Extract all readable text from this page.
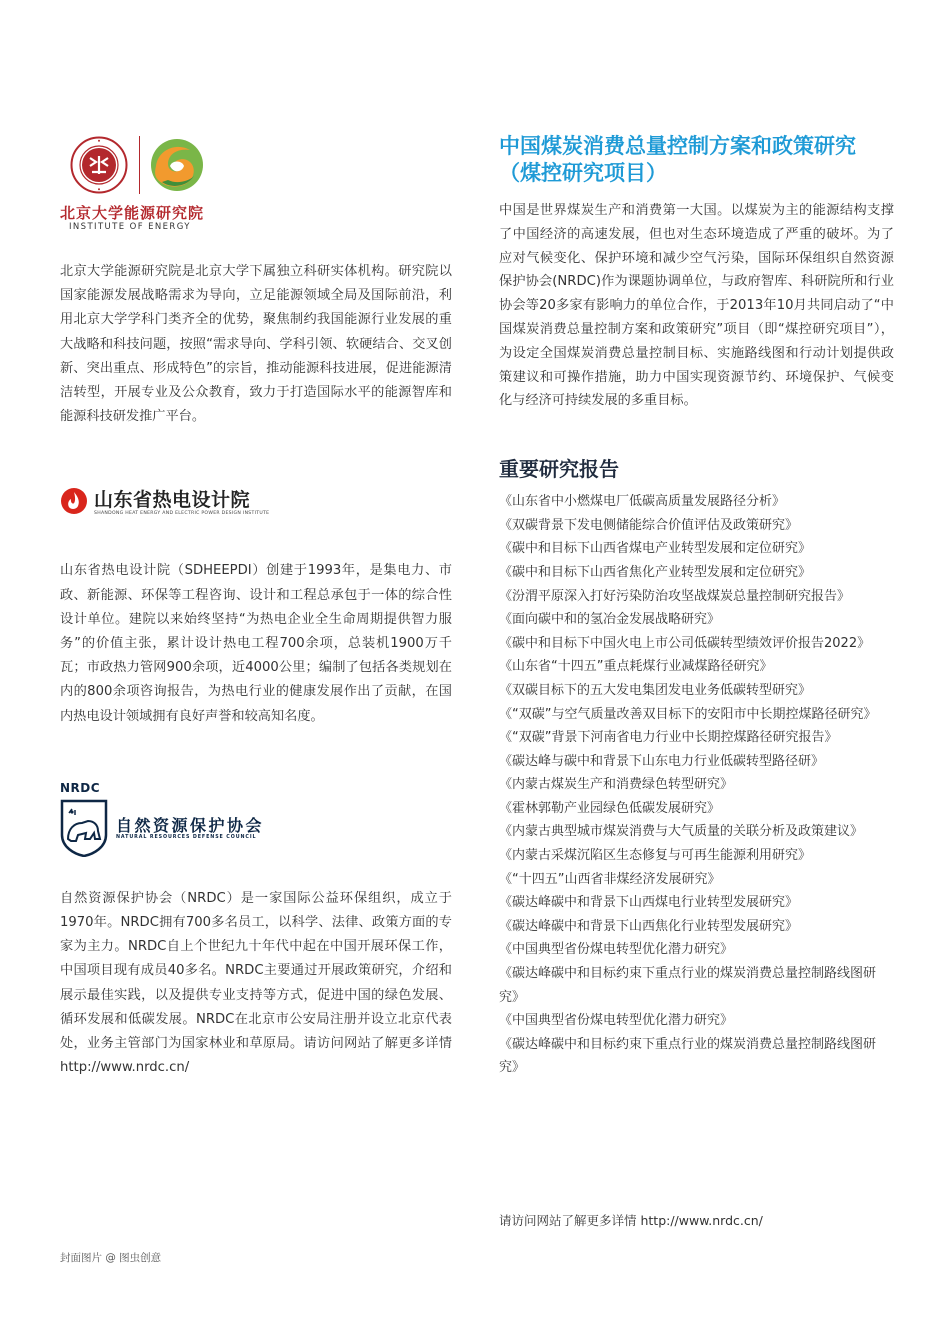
北京大学能源研究院
INSTITUTE OF ENERGY

北京大学能源研究院是北京大学下属独立科研实体机构。研究院以国家能源发展战略需求为导向，立足能源领域全局及国际前沿，利用北京大学学科门类齐全的优势，聚焦制约我国能源行业发展的重大战略和科技问题，按照“需求导向、学科引领、软硬结合、交叉创新、突出重点、形成特色”的宗旨，推动能源科技进展，促进能源清洁转型，开展专业及公众教育，致力于打造国际水平的能源智库和能源科技研发推广平台。

山东省热电设计院
SHANDONG HEAT ENERGY AND ELECTRIC POWER DESIGN INSTITUTE

山东省热电设计院（SDHEEPDI）创建于1993年，是集电力、市政、新能源、环保等工程咨询、设计和工程总承包于一体的综合性设计单位。建院以来始终坚持“为热电企业全生命周期提供智力服务”的价值主张，累计设计热电工程700余项，总装机1900万千瓦；市政热力管网900余项，近4000公里；编制了包括各类规划在内的800余项咨询报告，为热电行业的健康发展作出了贡献，在国内热电设计领域拥有良好声誉和较高知名度。

NRDC
自然资源保护协会
NATURAL RESOURCES DEFENSE COUNCIL

自然资源保护协会（NRDC）是一家国际公益环保组织，成立于1970年。NRDC拥有700多名员工，以科学、法律、政策方面的专家为主力。NRDC自上个世纪九十年代中起在中国开展环保工作，中国项目现有成员40多名。NRDC主要通过开展政策研究，介绍和展示最佳实践，以及提供专业支持等方式，促进中国的绿色发展、循环发展和低碳发展。NRDC在北京市公安局注册并设立北京代表处，业务主管部门为国家林业和草原局。请访问网站了解更多详情 http://www.nrdc.cn/

中国煤炭消费总量控制方案和政策研究
（煤控研究项目）

中国是世界煤炭生产和消费第一大国。以煤炭为主的能源结构支撑了中国经济的高速发展，但也对生态环境造成了严重的破坏。为了应对气候变化、保护环境和减少空气污染，国际环保组织自然资源保护协会(NRDC)作为课题协调单位，与政府智库、科研院所和行业协会等20多家有影响力的单位合作，于2013年10月共同启动了“中国煤炭消费总量控制方案和政策研究”项目（即“煤控研究项目”），为设定全国煤炭消费总量控制目标、实施路线图和行动计划提供政策建议和可操作措施，助力中国实现资源节约、环境保护、气候变化与经济可持续发展的多重目标。

重要研究报告
《山东省中小燃煤电厂低碳高质量发展路径分析》
《双碳背景下发电侧储能综合价值评估及政策研究》
《碳中和目标下山西省煤电产业转型发展和定位研究》
《碳中和目标下山西省焦化产业转型发展和定位研究》
《汾渭平原深入打好污染防治攻坚战煤炭总量控制研究报告》
《面向碳中和的氢冶金发展战略研究》
《碳中和目标下中国火电上市公司低碳转型绩效评价报告2022》
《山东省“十四五”重点耗煤行业减煤路径研究》
《双碳目标下的五大发电集团发电业务低碳转型研究》
《“双碳”与空气质量改善双目标下的安阳市中长期控煤路径研究》
《“双碳”背景下河南省电力行业中长期控煤路径研究报告》
《碳达峰与碳中和背景下山东电力行业低碳转型路径研》
《内蒙古煤炭生产和消费绿色转型研究》
《霍林郭勒产业园绿色低碳发展研究》
《内蒙古典型城市煤炭消费与大气质量的关联分析及政策建议》
《内蒙古采煤沉陷区生态修复与可再生能源利用研究》
《“十四五”山西省非煤经济发展研究》
《碳达峰碳中和背景下山西煤电行业转型发展研究》
《碳达峰碳中和背景下山西焦化行业转型发展研究》
《中国典型省份煤电转型优化潜力研究》
《碳达峰碳中和目标约束下重点行业的煤炭消费总量控制路线图研究》
《中国典型省份煤电转型优化潜力研究》
《碳达峰碳中和目标约束下重点行业的煤炭消费总量控制路线图研究》
请访问网站了解更多详情 http://www.nrdc.cn/
封面图片 @ 图虫创意
